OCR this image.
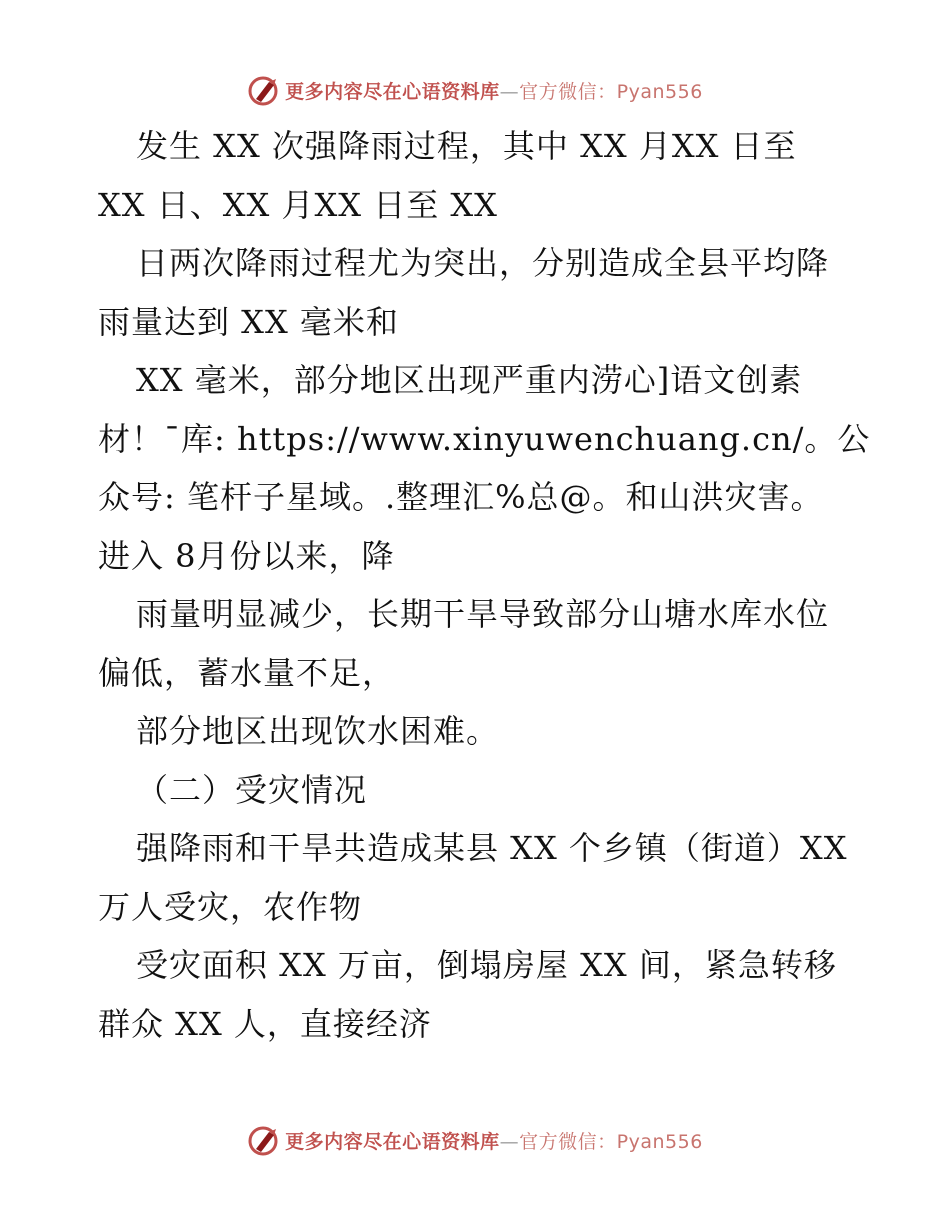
更多内容尽在心语资料库—官方微信：Pyan556
发生 XX 次强降雨过程，其中 XX 月XX 日至
XX 日、XX 月XX 日至 XX
日两次降雨过程尤为突出，分别造成全县平均降
雨量达到 XX 毫米和
XX 毫米，部分地区出现严重内涝心]语文创素
材！¯库: https://www.xinyuwenchuang.cn/。公
众号: 笔杆子星域。.整理汇%总@。和山洪灾害。
进入 8月份以来，降
雨量明显减少，长期干旱导致部分山塘水库水位
偏低，蓄水量不足，
部分地区出现饮水困难。
（二）受灾情况
强降雨和干旱共造成某县 XX 个乡镇（街道）XX
万人受灾，农作物
受灾面积 XX 万亩，倒塌房屋 XX 间，紧急转移
群众 XX 人，直接经济
更多内容尽在心语资料库—官方微信：Pyan556
